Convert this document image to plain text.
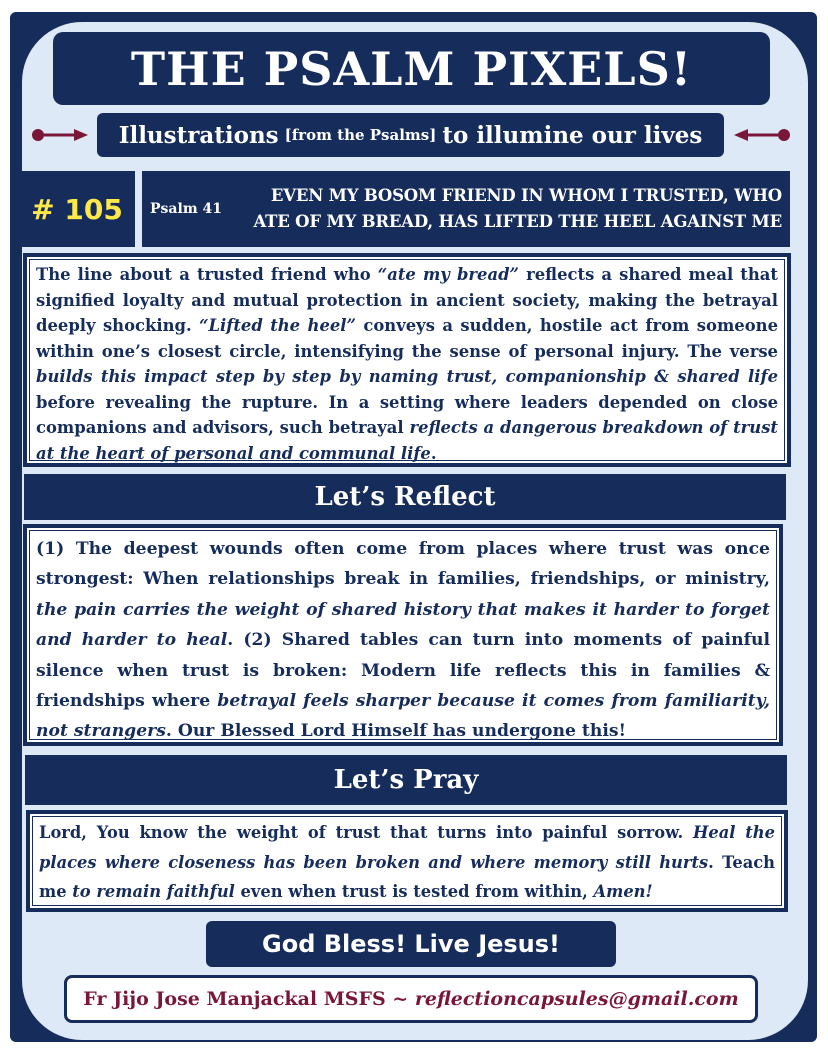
THE PSALM PIXELS!
Illustrations [from the Psalms] to illumine our lives
# 105	Psalm 41
EVEN MY BOSOM FRIEND IN WHOM I TRUSTED, WHO
ATE OF MY BREAD, HAS LIFTED THE HEEL AGAINST ME
The line about a trusted friend who “ate my bread” reflects a shared meal that signified loyalty and mutual protection in ancient society, making the betrayal deeply shocking. “Lifted the heel” conveys a sudden, hostile act from someone within one’s closest circle, intensifying the sense of personal injury. The verse builds this impact step by step by naming trust, companionship & shared life before revealing the rupture. In a setting where leaders depended on close companions and advisors, such betrayal reflects a dangerous breakdown of trust at the heart of personal and communal life.
Let’s Reflect
(1) The deepest wounds often come from places where trust was once strongest: When relationships break in families, friendships, or ministry, the pain carries the weight of shared history that makes it harder to forget and harder to heal. (2) Shared tables can turn into moments of painful silence when trust is broken: Modern life reflects this in families & friendships where betrayal feels sharper because it comes from familiarity, not strangers. Our Blessed Lord Himself has undergone this!
Let’s Pray
Lord, You know the weight of trust that turns into painful sorrow. Heal the places where closeness has been broken and where memory still hurts. Teach me to remain faithful even when trust is tested from within, Amen!
God Bless! Live Jesus!
Fr Jijo Jose Manjackal MSFS ~
reflectioncapsules@gmail.com
